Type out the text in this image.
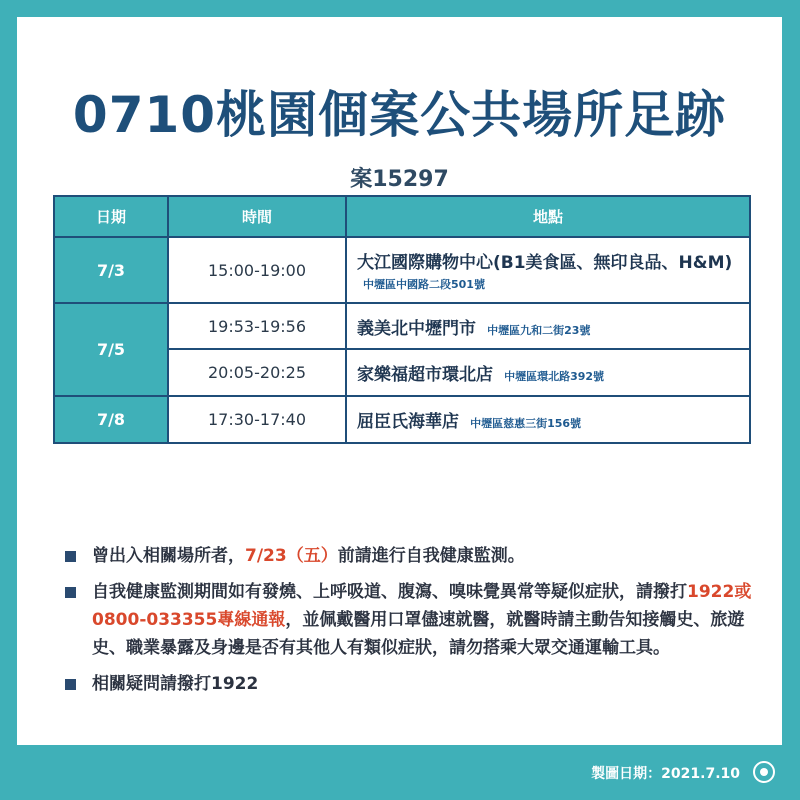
0710桃園個案公共場所足跡
案15297
日期	時間	地點
7/3	15:00-19:00	大江國際購物中心(B1美食區、無印良品、H&M) 中壢區中國路二段501號
7/5	19:53-19:56	義美北中壢門市 中壢區九和二街23號
	20:05-20:25	家樂福超市環北店 中壢區環北路392號
7/8	17:30-17:40	屈臣氏海華店 中壢區慈惠三街156號
曾出入相關場所者，7/23（五）前請進行自我健康監測。
自我健康監測期間如有發燒、上呼吸道、腹瀉、嗅味覺異常等疑似症狀，請撥打1922或0800-033355專線通報，並佩戴醫用口罩儘速就醫，就醫時請主動告知接觸史、旅遊史、職業暴露及身邊是否有其他人有類似症狀，請勿搭乘大眾交通運輸工具。
相關疑問請撥打1922
製圖日期：2021.7.10
